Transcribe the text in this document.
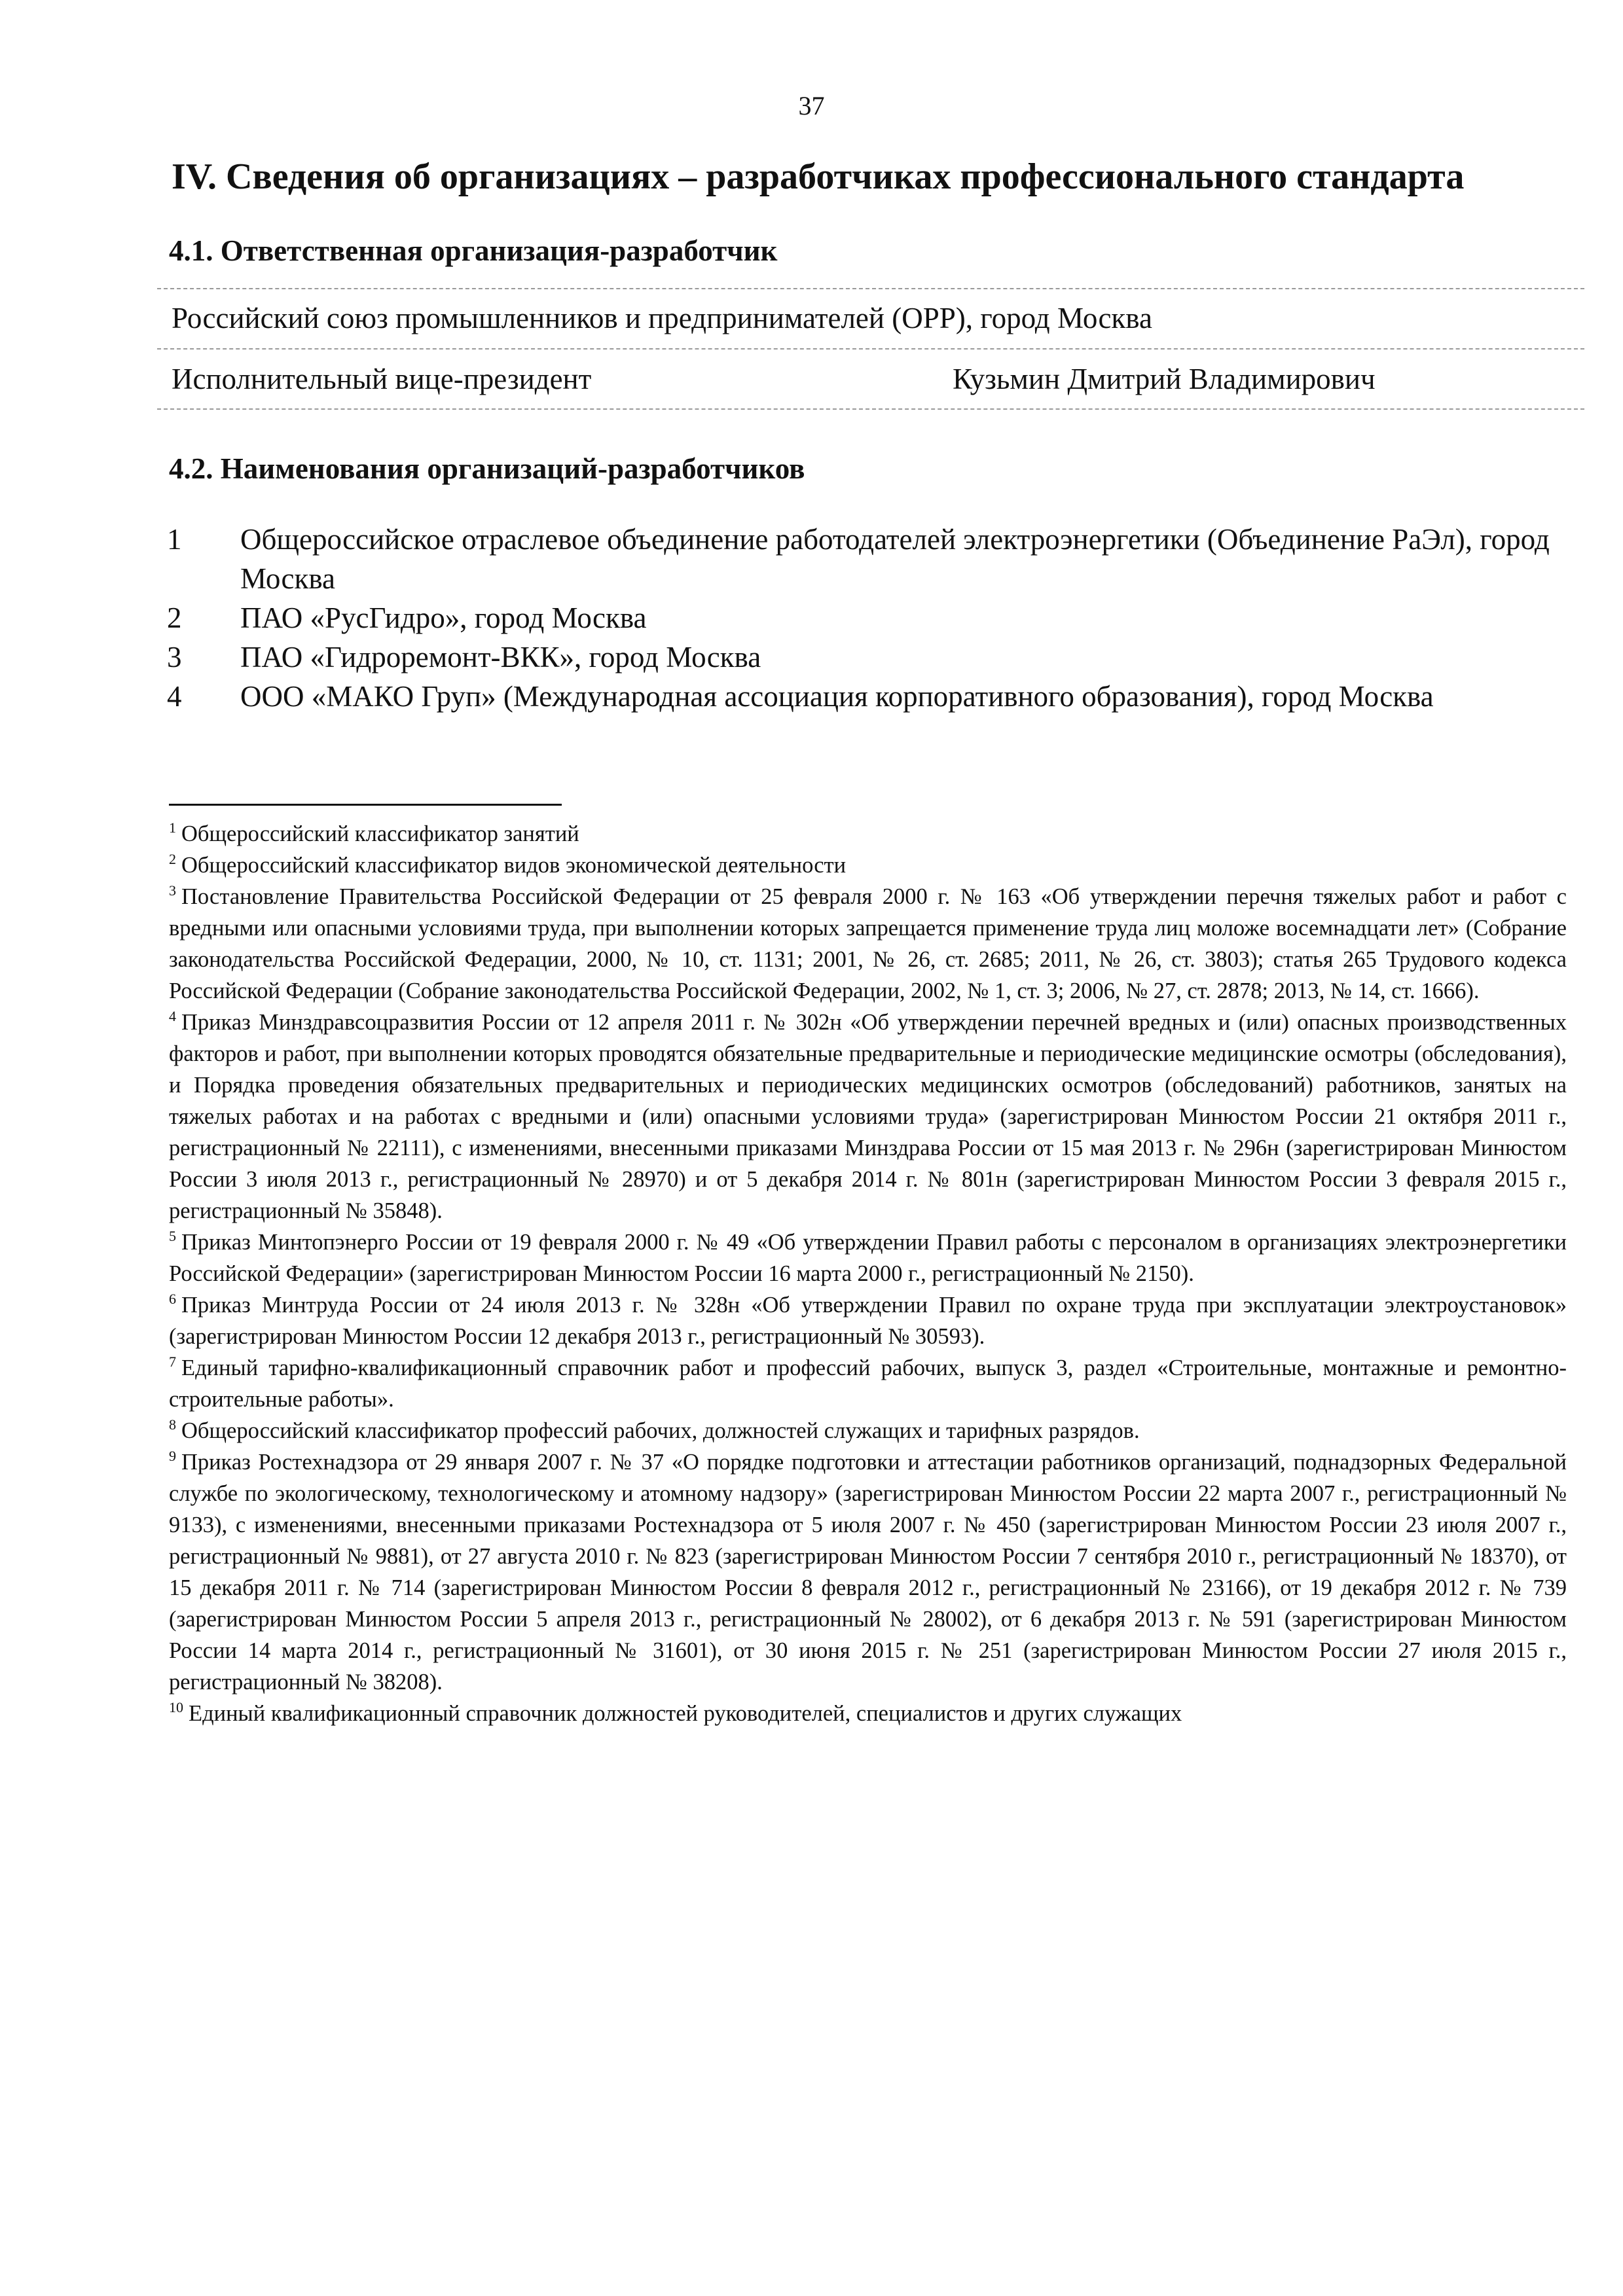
37
IV. Сведения об организациях – разработчиках профессионального стандарта
4.1. Ответственная организация-разработчик
Российский союз промышленников и предпринимателей (ОРР), город Москва
Исполнительный вице-президент	Кузьмин Дмитрий Владимирович
4.2. Наименования организаций-разработчиков
1	Общероссийское отраслевое объединение работодателей электроэнергетики (Объединение РаЭл), город Москва
2	ПАО «РусГидро», город Москва
3	ПАО «Гидроремонт-ВКК», город Москва
4	ООО «МАКО Груп» (Международная ассоциация корпоративного образования), город Москва

$^1$ Общероссийский классификатор занятий

$^2$ Общероссийский классификатор видов экономической деятельности

$^3$ Постановление Правительства Российской Федерации от 25 февраля 2000 г. № 163 «Об утверждении перечня тяжелых работ и работ с вредными или опасными условиями труда, при выполнении которых запрещается применение труда лиц моложе восемнадцати лет» (Собрание законодательства Российской Федерации, 2000, № 10, ст. 1131; 2001, № 26, ст. 2685; 2011, № 26, ст. 3803); статья 265 Трудового кодекса Российской Федерации (Собрание законодательства Российской Федерации, 2002, № 1, ст. 3; 2006, № 27, ст. 2878; 2013, № 14, ст. 1666).

$^4$ Приказ Минздравсоцразвития России от 12 апреля 2011 г. № 302н «Об утверждении перечней вредных и (или) опасных производственных факторов и работ, при выполнении которых проводятся обязательные предварительные и периодические медицинские осмотры (обследования), и Порядка проведения обязательных предварительных и периодических медицинских осмотров (обследований) работников, занятых на тяжелых работах и на работах с вредными и (или) опасными условиями труда» (зарегистрирован Минюстом России 21 октября 2011 г., регистрационный № 22111), с изменениями, внесенными приказами Минздрава России от 15 мая 2013 г. № 296н (зарегистрирован Минюстом России 3 июля 2013 г., регистрационный № 28970) и от 5 декабря 2014 г. № 801н (зарегистрирован Минюстом России 3 февраля 2015 г., регистрационный № 35848).

$^5$ Приказ Минтопэнерго России от 19 февраля 2000 г. № 49 «Об утверждении Правил работы с персоналом в организациях электроэнергетики Российской Федерации» (зарегистрирован Минюстом России 16 марта 2000 г., регистрационный № 2150).

$^6$ Приказ Минтруда России от 24 июля 2013 г. № 328н «Об утверждении Правил по охране труда при эксплуатации электроустановок» (зарегистрирован Минюстом России 12 декабря 2013 г., регистрационный № 30593).

$^7$ Единый тарифно-квалификационный справочник работ и профессий рабочих, выпуск 3, раздел «Строительные, монтажные и ремонтно-строительные работы».

$^8$ Общероссийский классификатор профессий рабочих, должностей служащих и тарифных разрядов.

$^9$ Приказ Ростехнадзора от 29 января 2007 г. № 37 «О порядке подготовки и аттестации работников организаций, поднадзорных Федеральной службе по экологическому, технологическому и атомному надзору» (зарегистрирован Минюстом России 22 марта 2007 г., регистрационный № 9133), с изменениями, внесенными приказами Ростехнадзора от 5 июля 2007 г. № 450 (зарегистрирован Минюстом России 23 июля 2007 г., регистрационный № 9881), от 27 августа 2010 г. № 823 (зарегистрирован Минюстом России 7 сентября 2010 г., регистрационный № 18370), от 15 декабря 2011 г. № 714 (зарегистрирован Минюстом России 8 февраля 2012 г., регистрационный № 23166), от 19 декабря 2012 г. № 739 (зарегистрирован Минюстом России 5 апреля 2013 г., регистрационный № 28002), от 6 декабря 2013 г. № 591 (зарегистрирован Минюстом России 14 марта 2014 г., регистрационный № 31601), от 30 июня 2015 г. № 251 (зарегистрирован Минюстом России 27 июля 2015 г., регистрационный № 38208).

$^{10}$ Единый квалификационный справочник должностей руководителей, специалистов и других служащих
